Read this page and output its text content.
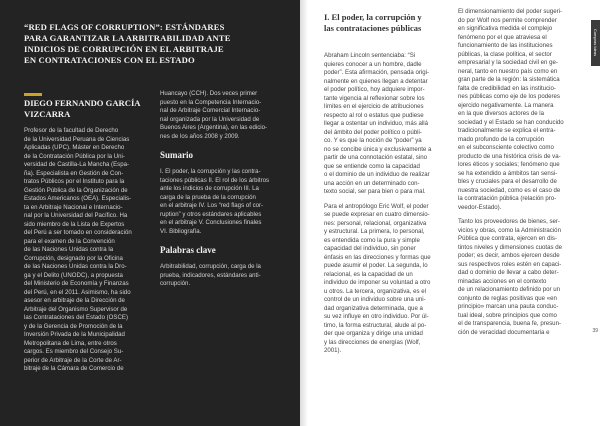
“RED FLAGS OF CORRUPTION”: ESTÁNDARES
PARA GARANTIZAR LA ARBITRABILIDAD ANTE
INDICIOS DE CORRUPCIÓN EN EL ARBITRAJE
EN CONTRATACIONES CON EL ESTADO
DIEGO FERNANDO GARCÍA
VIZCARRA
Profesor de la facultad de Derecho
de la Universidad Peruana de Ciencias
Aplicadas (UPC). Máster en Derecho
de la Contratación Pública por la Uni-
versidad de Castilla-La Mancha (Espa-
ña). Especialista en Gestión de Con-
tratos Públicos por el Instituto para la
Gestión Pública de la Organización de
Estados Americanos (OEA). Especialis-
ta en Arbitraje Nacional e Internacio-
nal por la Universidad del Pacífico. Ha
sido miembro de la Lista de Expertos
del Perú a ser tomado en consideración
para el examen de la Convención
de las Naciones Unidas contra la
Corrupción, designado por la Oficina
de las Naciones Unidas contra la Dro-
ga y el Delito (UNODC), a propuesta
del Ministerio de Economía y Finanzas
del Perú, en el 2011. Asimismo, ha sido
asesor en arbitraje de la Dirección de
Arbitraje del Organismo Supervisor de
las Contrataciones del Estado (OSCE)
y de la Gerencia de Promoción de la
Inversión Privada de la Municipalidad
Metropolitana de Lima, entre otros
cargos. Es miembro del Consejo Su-
perior de Arbitraje de la Corte de Ar-
bitraje de la Cámara de Comercio de
Huancayo (CCH). Dos veces primer
puesto en la Competencia Internacio-
nal de Arbitraje Comercial Internacio-
nal organizada por la Universidad de
Buenos Aires (Argentina), en las edicio-
nes de los años 2008 y 2009.
Sumario
I. El poder, la corrupción y las contra-
taciones públicas II. El rol de los árbitros
ante los indicios de corrupción III. La
carga de la prueba de la corrupción
en el arbitraje IV. Los “red flags of cor-
ruption” y otros estándares aplicables
en el arbitraje V. Conclusiones finales
VI. Bibliografía.
Palabras clave
Arbitrabilidad, corrupción, carga de la
prueba, indicadores, estándares anti-
corrupción.
I. El poder, la corrupción y
las contrataciones públicas
Abraham Lincoln sentenciaba: “Si
quieres conocer a un hombre, dadle
poder”. Esta afirmación, pensada origi-
nalmente en quienes llegan a detentar
el poder político, hoy adquiere impor-
tante vigencia al reflexionar sobre los
límites en el ejercicio de atribuciones
respecto al rol o estatus que pudiese
llegar a ostentar un individuo, más allá
del ámbito del poder político o públi-
co. Y es que la noción de “poder” ya
no se concibe única y exclusivamente a
partir de una connotación estatal, sino
que se entiende como la capacidad
o el dominio de un individuo de realizar
una acción en un determinado con-
texto social, ser para bien o para mal.
Para el antropólogo Eric Wolf, el poder
se puede expresar en cuatro dimensio-
nes: personal, relacional, organizativa
y estructural. La primera, lo personal,
es entendida como la pura y simple
capacidad del individuo, sin poner
énfasis en las direcciones y formas que
puede asumir el poder. La segunda, lo
relacional, es la capacidad de un
individuo de imponer su voluntad a otro
u otros. La tercera, organizativa, es el
control de un individuo sobre una uni-
dad organizativa determinada, que a
su vez influye en otro individuo. Por úl-
timo, la forma estructural, alude al po-
der que organiza y dirige una unidad
y las direcciones de energías (Wolf,
2001).
El dimensionamiento del poder sugeri-
do por Wolf nos permite comprender
en significativa medida el complejo
fenómeno por el que atraviesa el
funcionamiento de las instituciones
públicas, la clase política, el sector
empresarial y la sociedad civil en ge-
neral, tanto en nuestro país como en
gran parte de la región: la sistemática
falta de credibilidad en las institucio-
nes públicas como eje de los poderes
ejercido negativamente. La manera
en la que diversos actores de la
sociedad y el Estado se han conducido
tradicionalmente se explica el entra-
mado profundo de la corrupción
en el subconsciente colectivo como
producto de una histórica crisis de va-
lores éticos y sociales; fenómeno que
se ha extendido a ámbitos tan sensi-
bles y cruciales para el desarrollo de
nuestra sociedad, como es el caso de
la contratación pública (relación pro-
veedor-Estado).
Tanto los proveedores de bienes, ser-
vicios y obras, como la Administración
Pública que contrata, ejercen en dis-
tintos niveles y dimensiones cuotas de
poder; es decir, ambos ejercen desde
sus respectivos roles estén en capaci-
dad o dominio de llevar a cabo deter-
minadas acciones en el contexto
de un relacionamiento definido por un
conjunto de reglas positivas que «en
principio» marcan una pauta conduc-
tual ideal, sobre principios que como
el de transparencia, buena fe, presun-
ción de veracidad documentaria e
Compras Ideas
39
